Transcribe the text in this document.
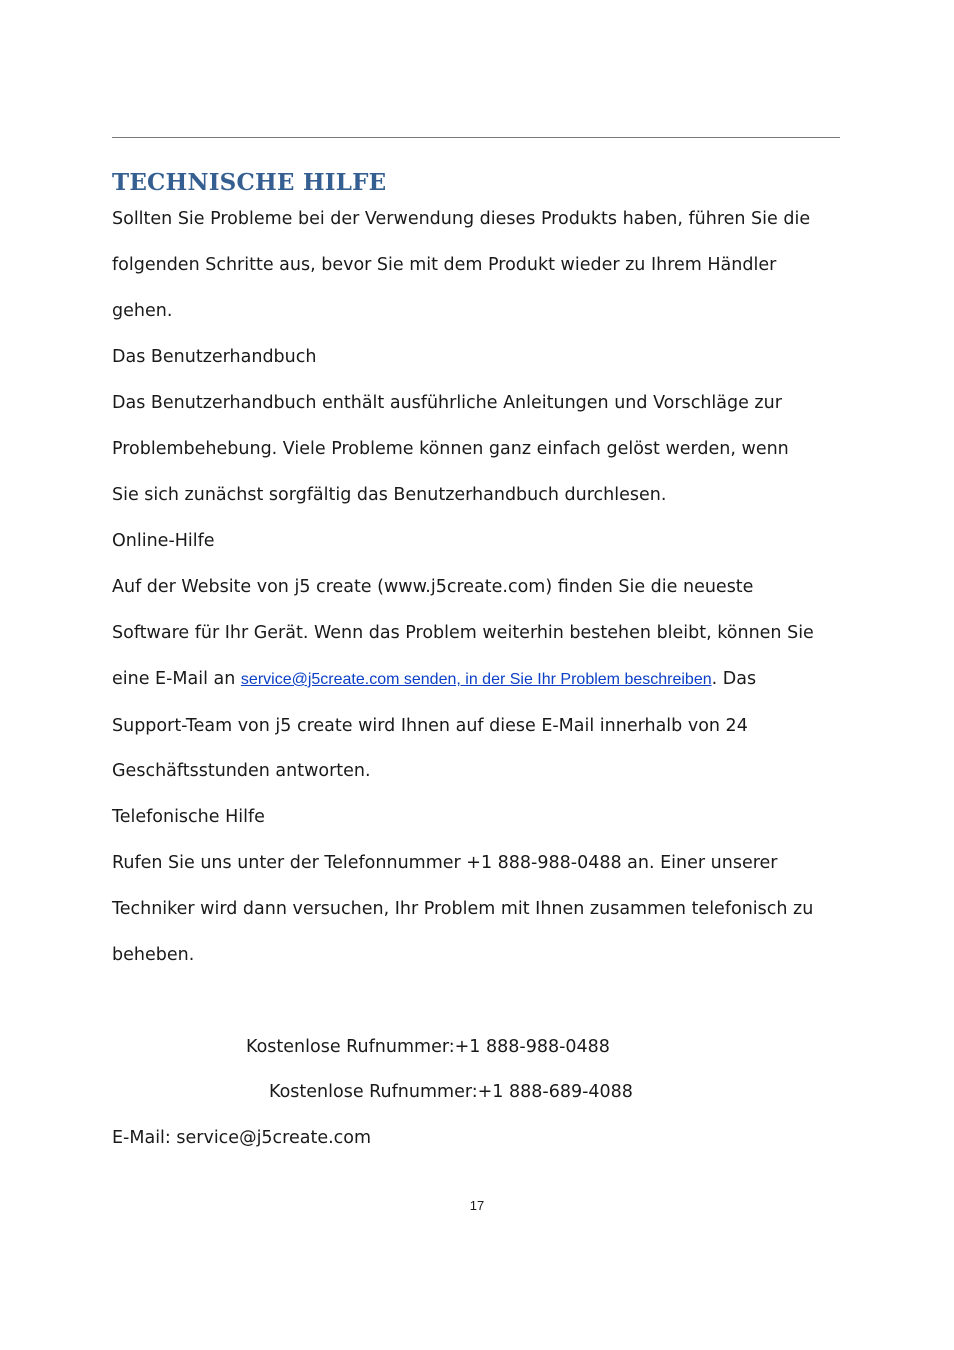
TECHNISCHE HILFE

Sollten Sie Probleme bei der Verwendung dieses Produkts haben, führen Sie die

folgenden Schritte aus, bevor Sie mit dem Produkt wieder zu Ihrem Händler

gehen.

Das Benutzerhandbuch

Das Benutzerhandbuch enthält ausführliche Anleitungen und Vorschläge zur

Problembehebung. Viele Probleme können ganz einfach gelöst werden, wenn

Sie sich zunächst sorgfältig das Benutzerhandbuch durchlesen.

Online-Hilfe

Auf der Website von j5 create (www.j5create.com) finden Sie die neueste

Software für Ihr Gerät. Wenn das Problem weiterhin bestehen bleibt, können Sie

eine E-Mail an service@j5create.com senden, in der Sie Ihr Problem beschreiben. Das

Support-Team von j5 create wird Ihnen auf diese E-Mail innerhalb von 24

Geschäftsstunden antworten.

Telefonische Hilfe

Rufen Sie uns unter der Telefonnummer +1 888-988-0488 an. Einer unserer

Techniker wird dann versuchen, Ihr Problem mit Ihnen zusammen telefonisch zu

beheben.

Kostenlose Rufnummer:+1 888-988-0488

Kostenlose Rufnummer:+1 888-689-4088

E-Mail: service@j5create.com

17
